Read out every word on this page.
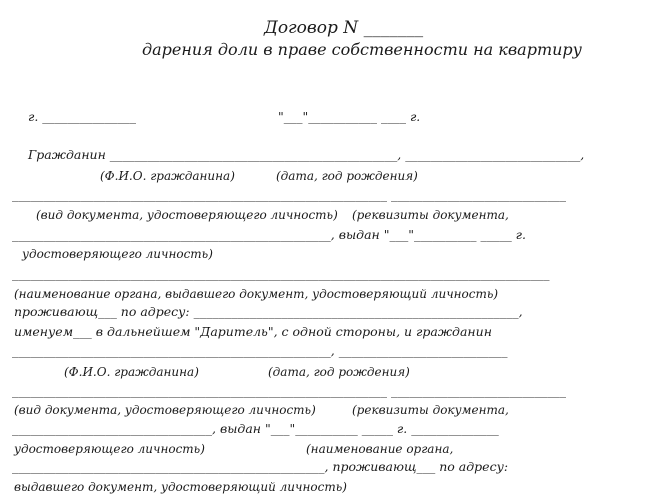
Договор N _______
дарения доли в праве собственности на квартиру
г. _______________	"___"___________ ____ г.
Гражданин ______________________________________________, ____________________________,
(Ф.И.О. гражданина)	(дата, год рождения)
____________________________________________________________ ____________________________
(вид документа, удостоверяющего личность) (реквизиты документа,
___________________________________________________, выдан "___"__________ _____ г.
удостоверяющего личность)
______________________________________________________________________________________
(наименование органа, выдавшего документ, удостоверяющий личность)
проживающ___ по адресу: ____________________________________________________,
именуем___ в дальнейшем "Даритель", с одной стороны, и гражданин
___________________________________________________, ___________________________
(Ф.И.О. гражданина)	(дата, год рождения)
____________________________________________________________ ____________________________
(вид документа, удостоверяющего личность)	(реквизиты документа,
________________________________, выдан "___"__________ _____ г. ______________
удостоверяющего личность)	(наименование органа,
__________________________________________________, проживающ___ по адресу:
выдавшего документ, удостоверяющий личность)
